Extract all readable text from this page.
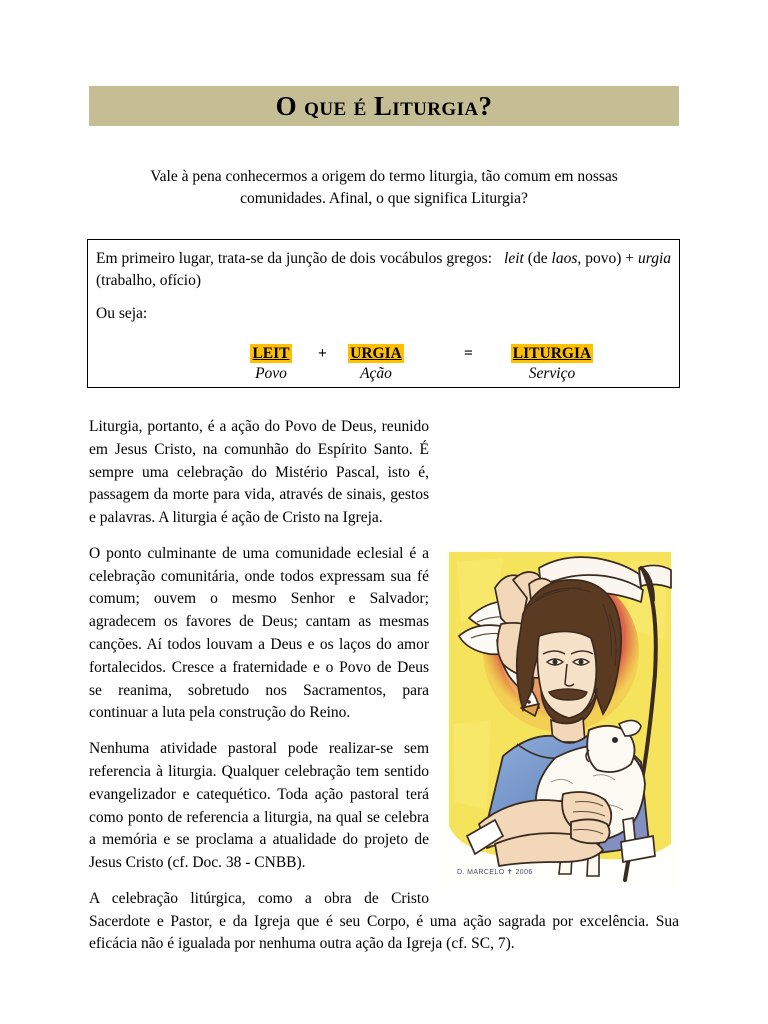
O que é Liturgia?
Vale à pena conhecermos a origem do termo liturgia, tão comum em nossas comunidades. Afinal, o que significa Liturgia?
Em primeiro lugar, trata-se da junção de dois vocábulos gregos: leit (de laos, povo) + urgia (trabalho, ofício)
Ou seja:
LEIT
Povo
+	URGIA
Ação
=	LITURGIA
Serviço
D. MARCELO ✝ 2006

Liturgia, portanto, é a ação do Povo de Deus, reunido em Jesus Cristo, na comunhão do Espírito Santo. É sempre uma celebração do Mistério Pascal, isto é, passagem da morte para vida, através de sinais, gestos e palavras. A liturgia é ação de Cristo na Igreja.

O ponto culminante de uma comunidade eclesial é a celebração comunitária, onde todos expressam sua fé comum; ouvem o mesmo Senhor e Salvador; agradecem os favores de Deus; cantam as mesmas canções. Aí todos louvam a Deus e os laços do amor fortalecidos. Cresce a fraternidade e o Povo de Deus se reanima, sobretudo nos Sacramentos, para continuar a luta pela construção do Reino.

Nenhuma atividade pastoral pode realizar-se sem referencia à liturgia. Qualquer celebração tem sentido evangelizador e catequético. Toda ação pastoral terá como ponto de referencia a liturgia, na qual se celebra a memória e se proclama a atualidade do projeto de Jesus Cristo (cf. Doc. 38 - CNBB).

A celebração litúrgica, como a obra de Cristo Sacerdote e Pastor, e da Igreja que é seu Corpo, é uma ação sagrada por excelência. Sua eficácia não é igualada por nenhuma outra ação da Igreja (cf. SC, 7).
